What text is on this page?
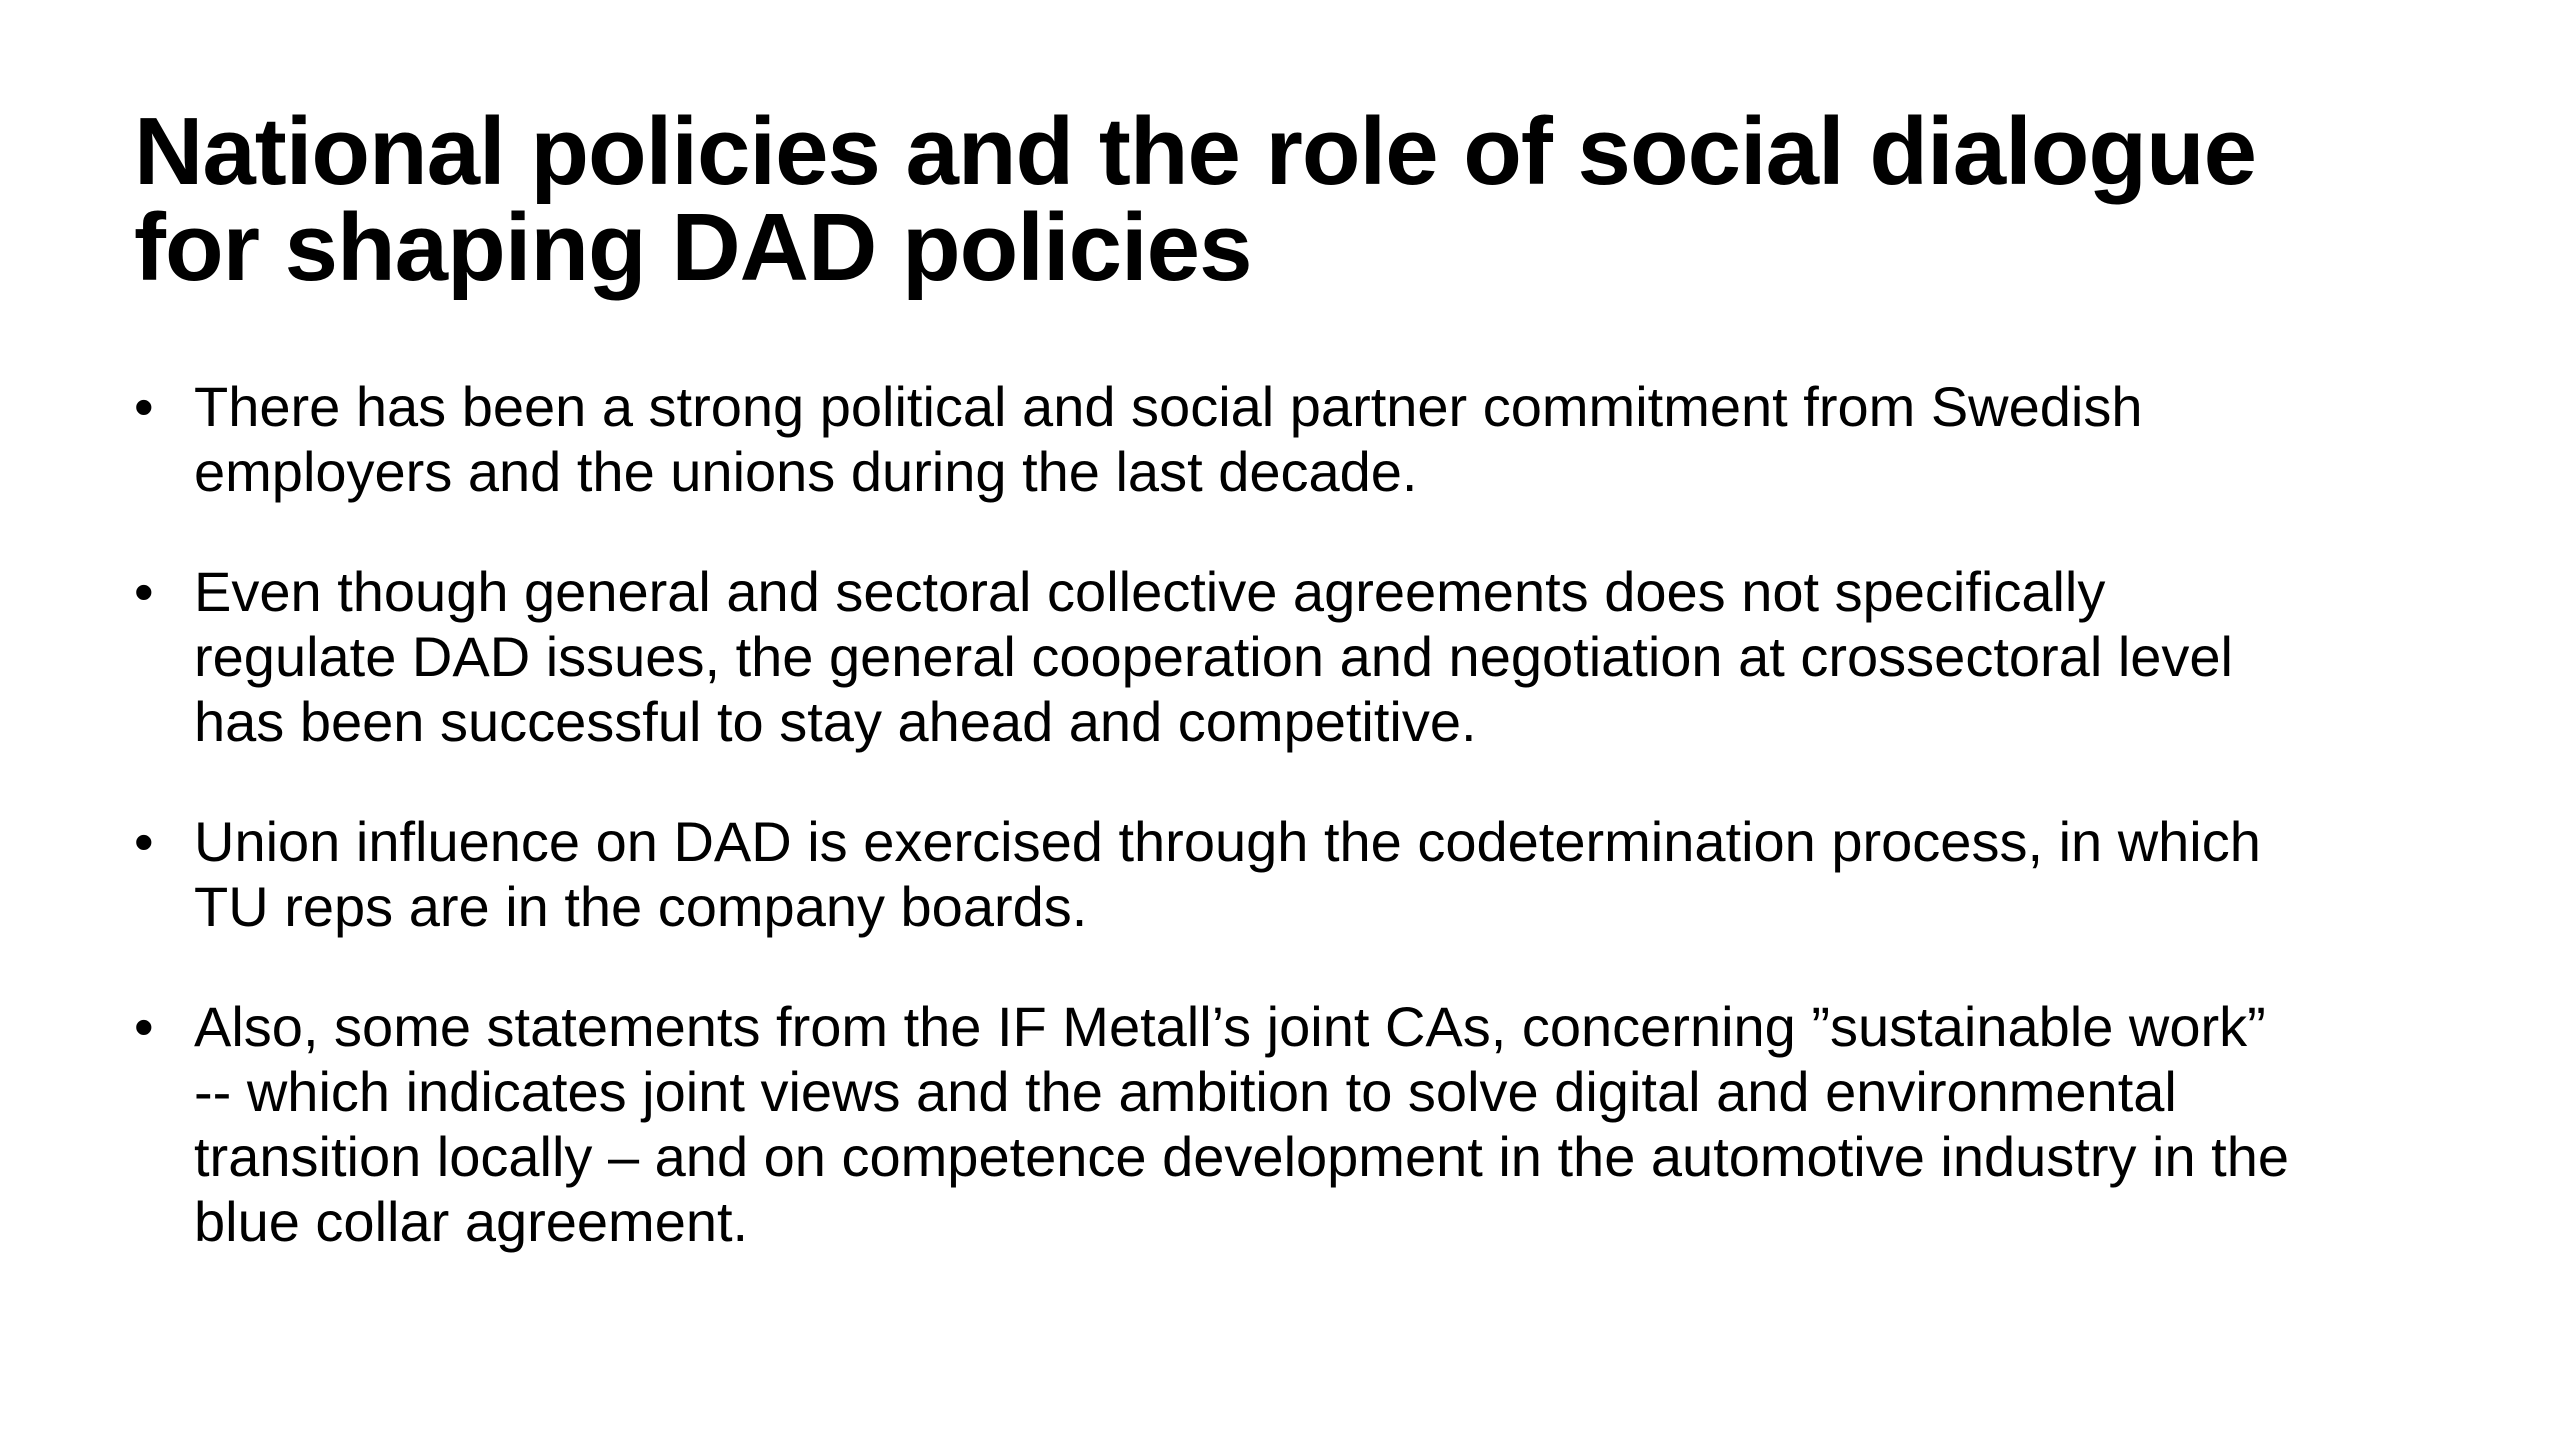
National policies and the role of social dialogue
for shaping DAD policies
• There has been a strong political and social partner commitment from Swedish
employers and the unions during the last decade.
• Even though general and sectoral collective agreements does not specifically
regulate DAD issues, the general cooperation and negotiation at crossectoral level
has been successful to stay ahead and competitive.
• Union influence on DAD is exercised through the codetermination process, in which
TU reps are in the company boards.
• Also, some statements from the IF Metall’s joint CAs, concerning ”sustainable work”
-- which indicates joint views and the ambition to solve digital and environmental
transition locally – and on competence development in the automotive industry in the
blue collar agreement.
